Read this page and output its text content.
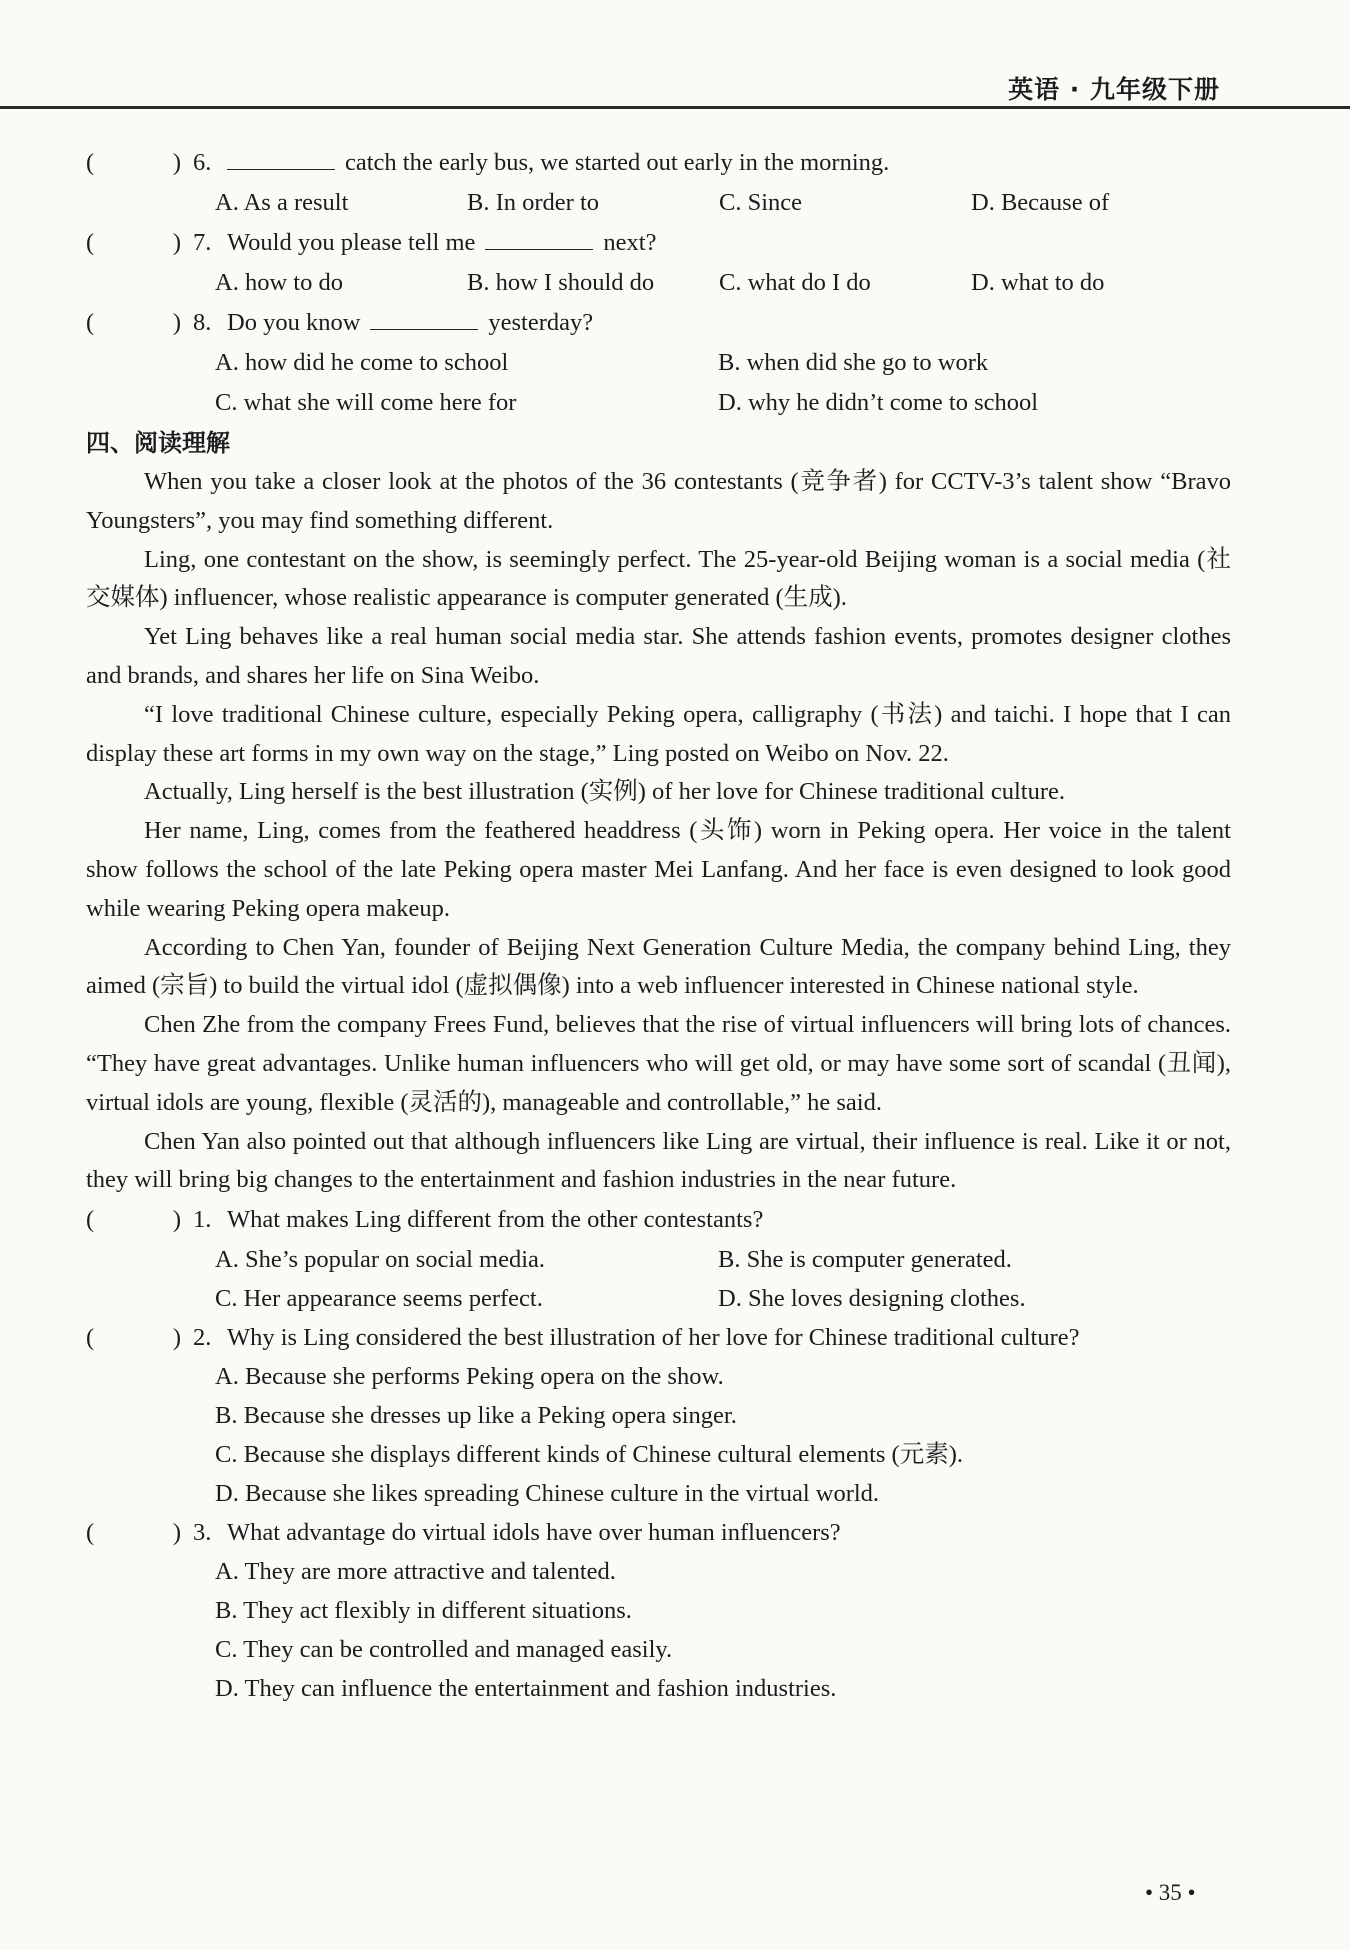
英语 · 九年级下册
(	) 6.	catch the early bus, we started out early in the morning.
A. As a result	B. In order to	C. Since	D. Because of
(	) 7. Would you please tell me	next?
A. how to do	B. how I should do	C. what do I do	D. what to do
(	) 8. Do you know	yesterday?
A. how did he come to school	B. when did she go to work
C. what she will come here for	D. why he didn’t come to school
四、阅读理解

When you take a closer look at the photos of the 36 contestants (竞争者) for CCTV-3’s talent show “Bravo Youngsters”, you may find something different.

Ling, one contestant on the show, is seemingly perfect. The 25-year-old Beijing woman is a social media (社交媒体) influencer, whose realistic appearance is computer generated (生成).

Yet Ling behaves like a real human social media star. She attends fashion events, promotes designer clothes and brands, and shares her life on Sina Weibo.

“I love traditional Chinese culture, especially Peking opera, calligraphy (书法) and taichi. I hope that I can display these art forms in my own way on the stage,” Ling posted on Weibo on Nov. 22.

Actually, Ling herself is the best illustration (实例) of her love for Chinese traditional culture.

Her name, Ling, comes from the feathered headdress (头饰) worn in Peking opera. Her voice in the talent show follows the school of the late Peking opera master Mei Lanfang. And her face is even designed to look good while wearing Peking opera makeup.

According to Chen Yan, founder of Beijing Next Generation Culture Media, the company behind Ling, they aimed (宗旨) to build the virtual idol (虚拟偶像) into a web influencer interested in Chinese national style.

Chen Zhe from the company Frees Fund, believes that the rise of virtual influencers will bring lots of chances. “They have great advantages. Unlike human influencers who will get old, or may have some sort of scandal (丑闻), virtual idols are young, flexible (灵活的), manageable and controllable,” he said.

Chen Yan also pointed out that although influencers like Ling are virtual, their influence is real. Like it or not, they will bring big changes to the entertainment and fashion industries in the near future.

(	) 1. What makes Ling different from the other contestants?
A. She’s popular on social media.	B. She is computer generated.
C. Her appearance seems perfect.	D. She loves designing clothes.
(	) 2. Why is Ling considered the best illustration of her love for Chinese traditional culture?
A. Because she performs Peking opera on the show.
B. Because she dresses up like a Peking opera singer.
C. Because she displays different kinds of Chinese cultural elements (元素).
D. Because she likes spreading Chinese culture in the virtual world.
(	) 3. What advantage do virtual idols have over human influencers?
A. They are more attractive and talented.
B. They act flexibly in different situations.
C. They can be controlled and managed easily.
D. They can influence the entertainment and fashion industries.
• 35 •
